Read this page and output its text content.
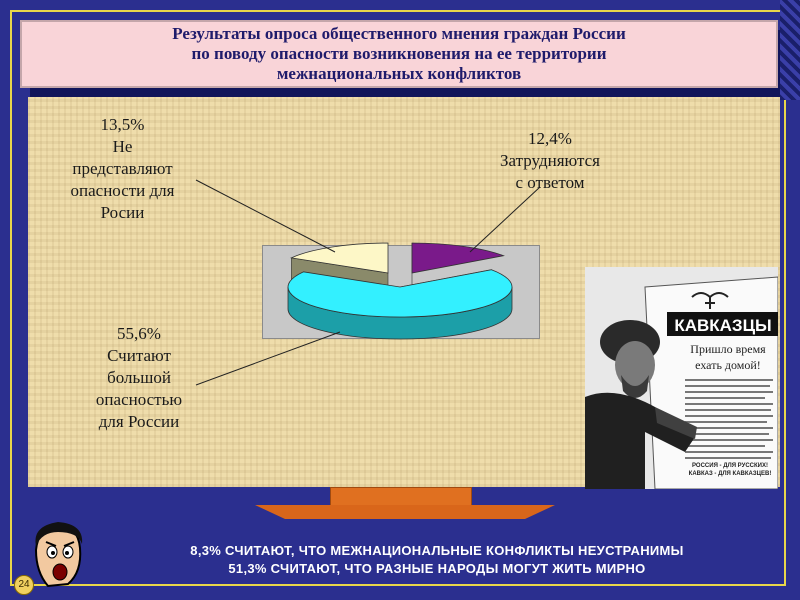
Результаты опроса общественного мнения граждан России
по поводу опасности возникновения на ее территории
межнациональных конфликтов
13,5%
Не
представляют
опасности для
Росии
12,4%
Затрудняются
с ответом
55,6%
Считают
большой
опасностью
для России
КАВКАЗЦЫ
Пришло время
ехать домой!
РОССИЯ - ДЛЯ РУССКИХ!
КАВКАЗ - ДЛЯ КАВКАЗЦЕВ!
8,3% СЧИТАЮТ, ЧТО МЕЖНАЦИОНАЛЬНЫЕ КОНФЛИКТЫ НЕУСТРАНИМЫ
51,3% СЧИТАЮТ, ЧТО РАЗНЫЕ НАРОДЫ МОГУТ ЖИТЬ МИРНО
24
